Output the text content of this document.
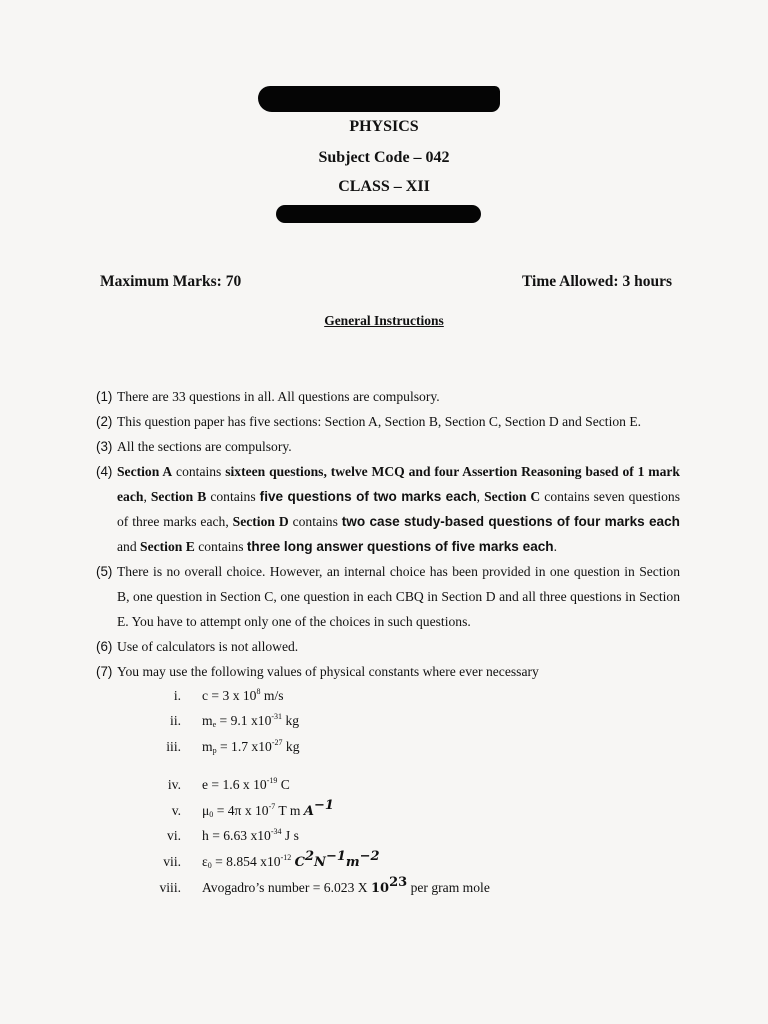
PHYSICS
Subject Code – 042
CLASS – XII
Maximum Marks: 70	Time Allowed: 3 hours
General Instructions
(1) There are 33 questions in all. All questions are compulsory.
(2) This question paper has five sections: Section A, Section B, Section C, Section D and Section E.
(3) All the sections are compulsory.
(4) Section A contains sixteen questions, twelve MCQ and four Assertion Reasoning based of 1 mark each, Section B contains five questions of two marks each, Section C contains seven questions of three marks each, Section D contains two case study-based questions of four marks each and Section E contains three long answer questions of five marks each.
(5) There is no overall choice. However, an internal choice has been provided in one question in Section B, one question in Section C, one question in each CBQ in Section D and all three questions in Section E. You have to attempt only one of the choices in such questions.
(6) Use of calculators is not allowed.
(7) You may use the following values of physical constants where ever necessary
i. c = 3 x $10^8$ m/s
ii. $m_e = 9.1$ $x10^{-31}$ kg
iii. $m_p = 1.7$ $x10^{-27}$ kg
iv. e = 1.6 x $10^{-19}$ C
v. $\mu_0 = 4\pi$ x $10^{-7}$ T m $A^{-1}$
vi. h = 6.63 $x10^{-34}$ J s
vii. $\varepsilon_0 = 8.854$ $x10^{-12}$ $C^2N^{-1}m^{-2}$
viii. Avogadro’s number = 6.023 X $10^{23}$ per gram mole
